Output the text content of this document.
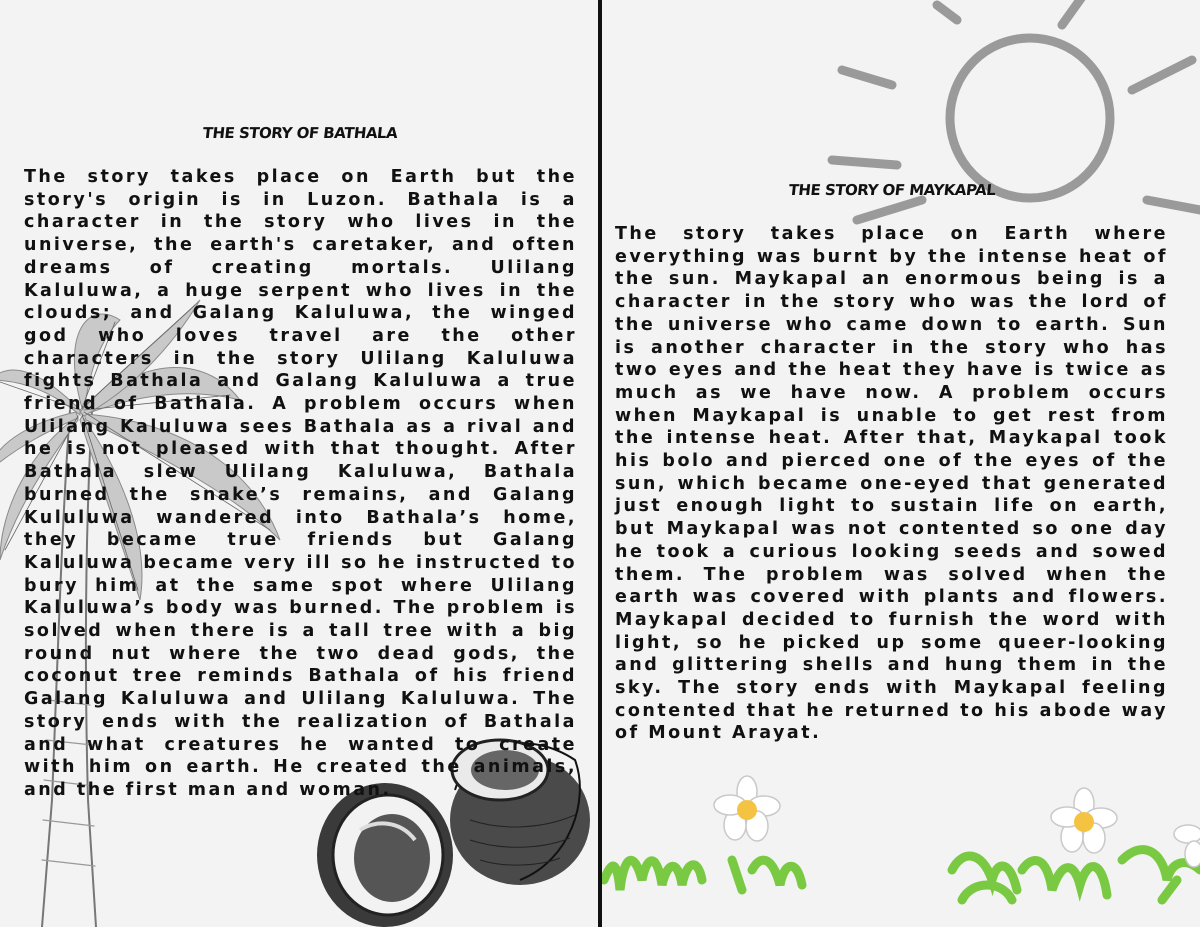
THE STORY OF BATHALA

The story takes place on Earth but the story's origin is in Luzon. Bathala is a character in the story who lives in the universe, the earth's caretaker, and often dreams of creating mortals. Ulilang Kaluluwa, a huge serpent who lives in the clouds; and Galang Kaluluwa, the winged god who loves travel are the other characters in the story Ulilang Kaluluwa fights Bathala and Galang Kaluluwa a true friend of Bathala. A problem occurs when Ulilang Kaluluwa sees Bathala as a rival and he is not pleased with that thought. After Bathala slew Ulilang Kaluluwa, Bathala burned the snake’s remains, and Galang Kululuwa wandered into Bathala’s home, they became true friends but Galang Kaluluwa became very ill so he instructed to bury him at the same spot where Ulilang Kaluluwa’s body was burned. The problem is solved when there is a tall tree with a big round nut where the two dead gods, the coconut tree reminds Bathala of his friend Galang Kaluluwa and Ulilang Kaluluwa. The story ends with the realization of Bathala and what creatures he wanted to create with him on earth. He created the animals, and the first man and woman.

THE STORY OF MAYKAPAL

The story takes place on Earth where everything was burnt by the intense heat of the sun. Maykapal an enormous being is a character in the story who was the lord of the universe who came down to earth. Sun is another character in the story who has two eyes and the heat they have is twice as much as we have now. A problem occurs when Maykapal is unable to get rest from the intense heat. After that, Maykapal took his bolo and pierced one of the eyes of the sun, which became one-eyed that generated just enough light to sustain life on earth, but Maykapal was not contented so one day he took a curious looking seeds and sowed them. The problem was solved when the earth was covered with plants and flowers. Maykapal decided to furnish the word with light, so he picked up some queer-looking and glittering shells and hung them in the sky. The story ends with Maykapal feeling contented that he returned to his abode way of Mount Arayat.
